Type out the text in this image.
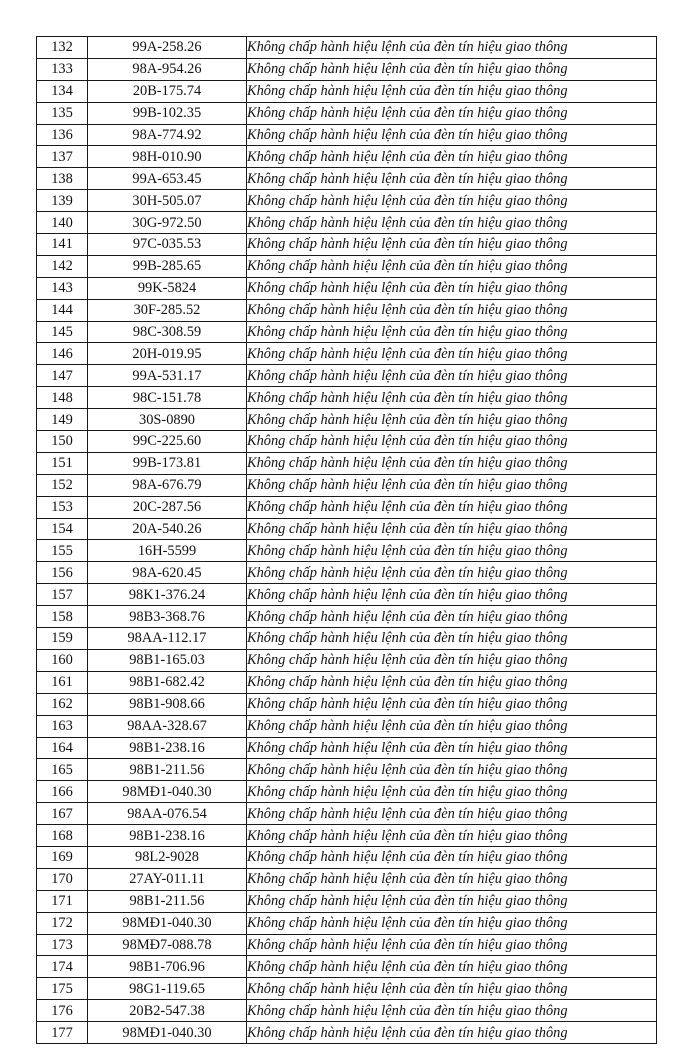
132	99A-258.26	Không chấp hành hiệu lệnh của đèn tín hiệu giao thông
133	98A-954.26	Không chấp hành hiệu lệnh của đèn tín hiệu giao thông
134	20B-175.74	Không chấp hành hiệu lệnh của đèn tín hiệu giao thông
135	99B-102.35	Không chấp hành hiệu lệnh của đèn tín hiệu giao thông
136	98A-774.92	Không chấp hành hiệu lệnh của đèn tín hiệu giao thông
137	98H-010.90	Không chấp hành hiệu lệnh của đèn tín hiệu giao thông
138	99A-653.45	Không chấp hành hiệu lệnh của đèn tín hiệu giao thông
139	30H-505.07	Không chấp hành hiệu lệnh của đèn tín hiệu giao thông
140	30G-972.50	Không chấp hành hiệu lệnh của đèn tín hiệu giao thông
141	97C-035.53	Không chấp hành hiệu lệnh của đèn tín hiệu giao thông
142	99B-285.65	Không chấp hành hiệu lệnh của đèn tín hiệu giao thông
143	99K-5824	Không chấp hành hiệu lệnh của đèn tín hiệu giao thông
144	30F-285.52	Không chấp hành hiệu lệnh của đèn tín hiệu giao thông
145	98C-308.59	Không chấp hành hiệu lệnh của đèn tín hiệu giao thông
146	20H-019.95	Không chấp hành hiệu lệnh của đèn tín hiệu giao thông
147	99A-531.17	Không chấp hành hiệu lệnh của đèn tín hiệu giao thông
148	98C-151.78	Không chấp hành hiệu lệnh của đèn tín hiệu giao thông
149	30S-0890	Không chấp hành hiệu lệnh của đèn tín hiệu giao thông
150	99C-225.60	Không chấp hành hiệu lệnh của đèn tín hiệu giao thông
151	99B-173.81	Không chấp hành hiệu lệnh của đèn tín hiệu giao thông
152	98A-676.79	Không chấp hành hiệu lệnh của đèn tín hiệu giao thông
153	20C-287.56	Không chấp hành hiệu lệnh của đèn tín hiệu giao thông
154	20A-540.26	Không chấp hành hiệu lệnh của đèn tín hiệu giao thông
155	16H-5599	Không chấp hành hiệu lệnh của đèn tín hiệu giao thông
156	98A-620.45	Không chấp hành hiệu lệnh của đèn tín hiệu giao thông
157	98K1-376.24	Không chấp hành hiệu lệnh của đèn tín hiệu giao thông
158	98B3-368.76	Không chấp hành hiệu lệnh của đèn tín hiệu giao thông
159	98AA-112.17	Không chấp hành hiệu lệnh của đèn tín hiệu giao thông
160	98B1-165.03	Không chấp hành hiệu lệnh của đèn tín hiệu giao thông
161	98B1-682.42	Không chấp hành hiệu lệnh của đèn tín hiệu giao thông
162	98B1-908.66	Không chấp hành hiệu lệnh của đèn tín hiệu giao thông
163	98AA-328.67	Không chấp hành hiệu lệnh của đèn tín hiệu giao thông
164	98B1-238.16	Không chấp hành hiệu lệnh của đèn tín hiệu giao thông
165	98B1-211.56	Không chấp hành hiệu lệnh của đèn tín hiệu giao thông
166	98MĐ1-040.30	Không chấp hành hiệu lệnh của đèn tín hiệu giao thông
167	98AA-076.54	Không chấp hành hiệu lệnh của đèn tín hiệu giao thông
168	98B1-238.16	Không chấp hành hiệu lệnh của đèn tín hiệu giao thông
169	98L2-9028	Không chấp hành hiệu lệnh của đèn tín hiệu giao thông
170	27AY-011.11	Không chấp hành hiệu lệnh của đèn tín hiệu giao thông
171	98B1-211.56	Không chấp hành hiệu lệnh của đèn tín hiệu giao thông
172	98MĐ1-040.30	Không chấp hành hiệu lệnh của đèn tín hiệu giao thông
173	98MĐ7-088.78	Không chấp hành hiệu lệnh của đèn tín hiệu giao thông
174	98B1-706.96	Không chấp hành hiệu lệnh của đèn tín hiệu giao thông
175	98G1-119.65	Không chấp hành hiệu lệnh của đèn tín hiệu giao thông
176	20B2-547.38	Không chấp hành hiệu lệnh của đèn tín hiệu giao thông
177	98MĐ1-040.30	Không chấp hành hiệu lệnh của đèn tín hiệu giao thông
